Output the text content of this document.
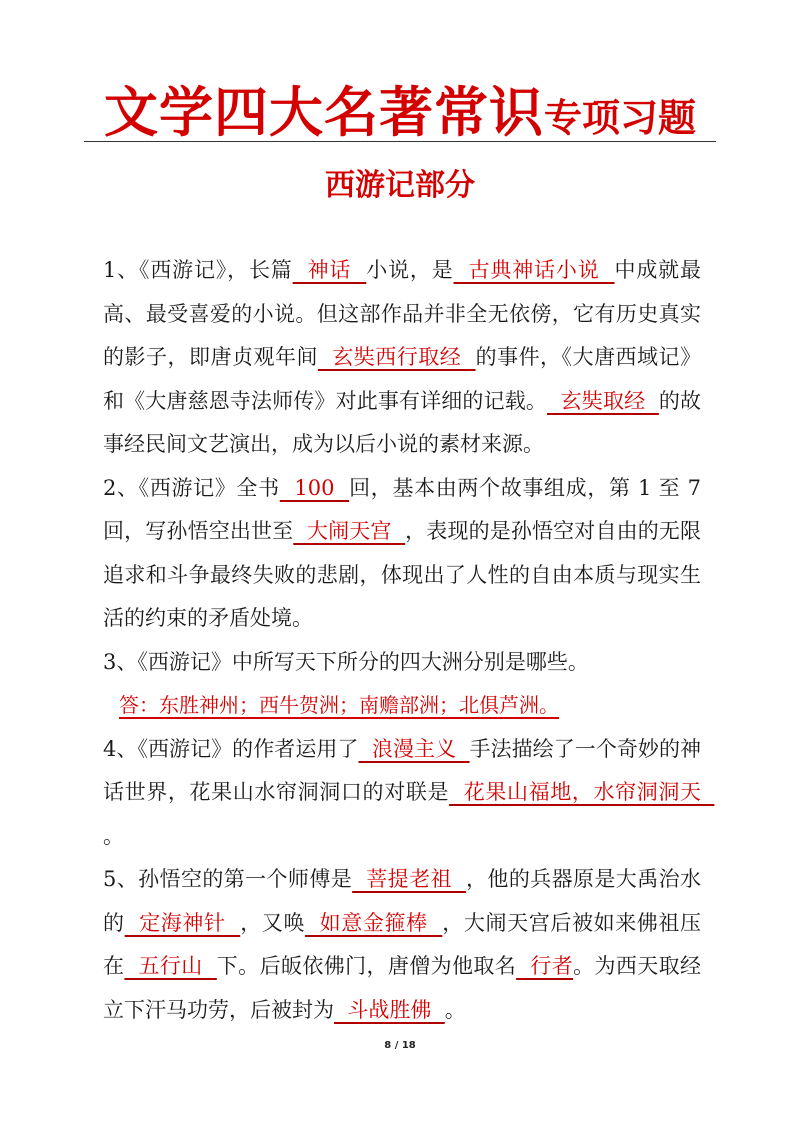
文学四大名著常识专项习题
西游记部分

1、《西游记》，长篇  神话  小说，是  古典神话小说  中成就最高、最受喜爱的小说。但这部作品并非全无依傍，它有历史真实的影子，即唐贞观年间  玄奘西行取经  的事件，《大唐西域记》和《大唐慈恩寺法师传》对此事有详细的记载。  玄奘取经  的故事经民间文艺演出，成为以后小说的素材来源。

2、《西游记》全书  100  回，基本由两个故事组成，第 1 至 7 回，写孙悟空出世至  大闹天宫  ，表现的是孙悟空对自由的无限追求和斗争最终失败的悲剧，体现出了人性的自由本质与现实生活的约束的矛盾处境。

3、《西游记》中所写天下所分的四大洲分别是哪些。

答：东胜神州；西牛贺洲；南赡部洲；北俱芦洲。

4、《西游记》的作者运用了  浪漫主义  手法描绘了一个奇妙的神话世界，花果山水帘洞洞口的对联是  花果山福地，水帘洞洞天  。

5、孙悟空的第一个师傅是  菩提老祖  ，他的兵器原是大禹治水的  定海神针  ，又唤  如意金箍棒  ，大闹天宫后被如来佛祖压在  五行山  下。后皈依佛门，唐僧为他取名  行者。为西天取经立下汗马功劳，后被封为  斗战胜佛  。

8 / 18
